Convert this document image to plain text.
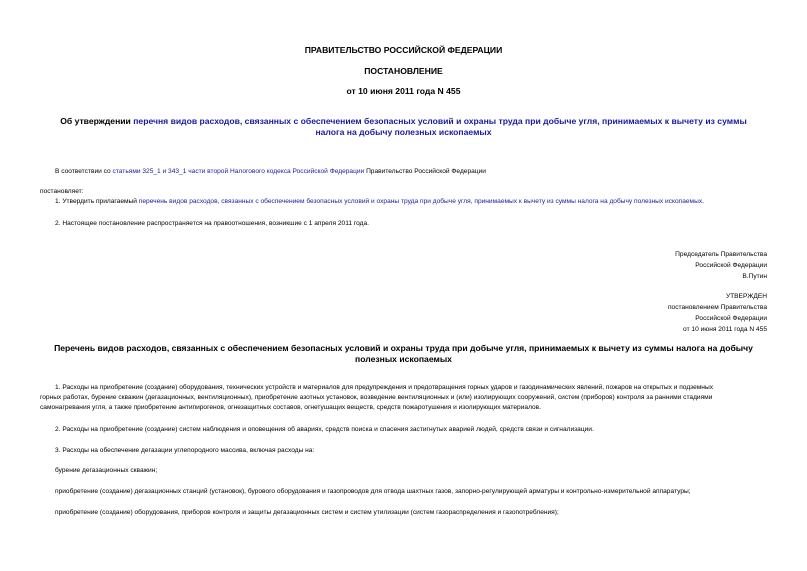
ПРАВИТЕЛЬСТВО РОССИЙСКОЙ ФЕДЕРАЦИИ
ПОСТАНОВЛЕНИЕ
от 10 июня 2011 года N 455
Об утверждении перечня видов расходов, связанных с обеспечением безопасных условий и охраны труда при добыче угля, принимаемых к вычету из суммы
налога на добычу полезных ископаемых
В соответствии со статьями 325_1 и 343_1 части второй Налогового кодекса Российской Федерации Правительство Российской Федерации
постановляет:
1. Утвердить прилагаемый перечень видов расходов, связанных с обеспечением безопасных условий и охраны труда при добыче угля, принимаемых к вычету из суммы налога на добычу полезных ископаемых.
2. Настоящее постановление распространяется на правоотношения, возникшие с 1 апреля 2011 года.
Председатель Правительства
Российской Федерации
В.Путин
УТВЕРЖДЕН
постановлением Правительства
Российской Федерации
от 10 июня 2011 года N 455
Перечень видов расходов, связанных с обеспечением безопасных условий и охраны труда при добыче угля, принимаемых к вычету из суммы налога на добычу
полезных ископаемых
1. Расходы на приобретение (создание) оборудования, технических устройств и материалов для предупреждения и предотвращения горных ударов и газодинамических явлений, пожаров на открытых и подземных
горных работах, бурение скважин (дегазационных, вентиляционных), приобретение азотных установок, возведение вентиляционных и (или) изолирующих сооружений, систем (приборов) контроля за ранними стадиями
самонагревания угля, а также приобретение антипирогенов, огнезащитных составов, огнетушащих веществ, средств пожаротушения и изолирующих материалов.
2. Расходы на приобретение (создание) систем наблюдения и оповещения об авариях, средств поиска и спасения застигнутых аварией людей, средств связи и сигнализации.
3. Расходы на обеспечение дегазации углепородного массива, включая расходы на:
бурение дегазационных скважин;
приобретение (создание) дегазационных станций (установок), бурового оборудования и газопроводов для отвода шахтных газов, запорно-регулирующей арматуры и контрольно-измерительной аппаратуры;
приобретение (создание) оборудования, приборов контроля и защиты дегазационных систем и систем утилизации (систем газораспределения и газопотребления);
